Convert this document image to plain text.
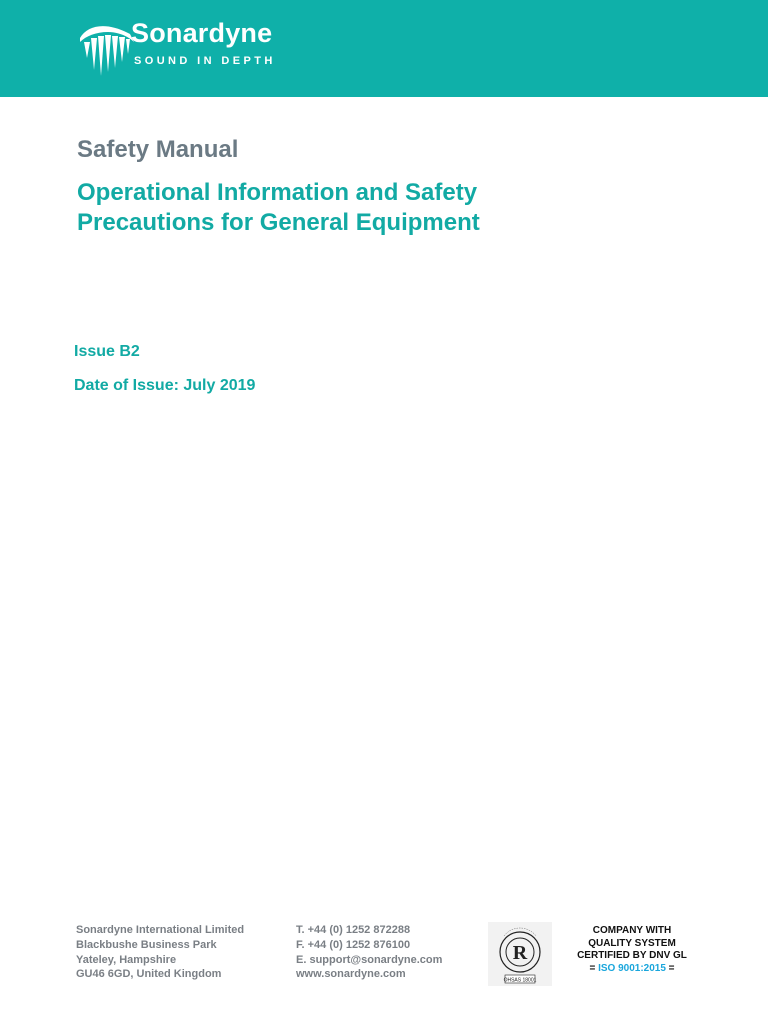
Sonardyne
SOUND IN DEPTH
Safety Manual
Operational Information and Safety
Precautions for General Equipment
Issue B2
Date of Issue: July 2019
Sonardyne International Limited
Blackbushe Business Park
Yateley, Hampshire
GU46 6GD, United Kingdom
T. +44 (0) 1252 872288
F. +44 (0) 1252 876100
E. support@sonardyne.com
www.sonardyne.com
R
OHSAS 18001
COMPANY WITH
QUALITY SYSTEM
CERTIFIED BY DNV GL
= ISO 9001:2015 =
